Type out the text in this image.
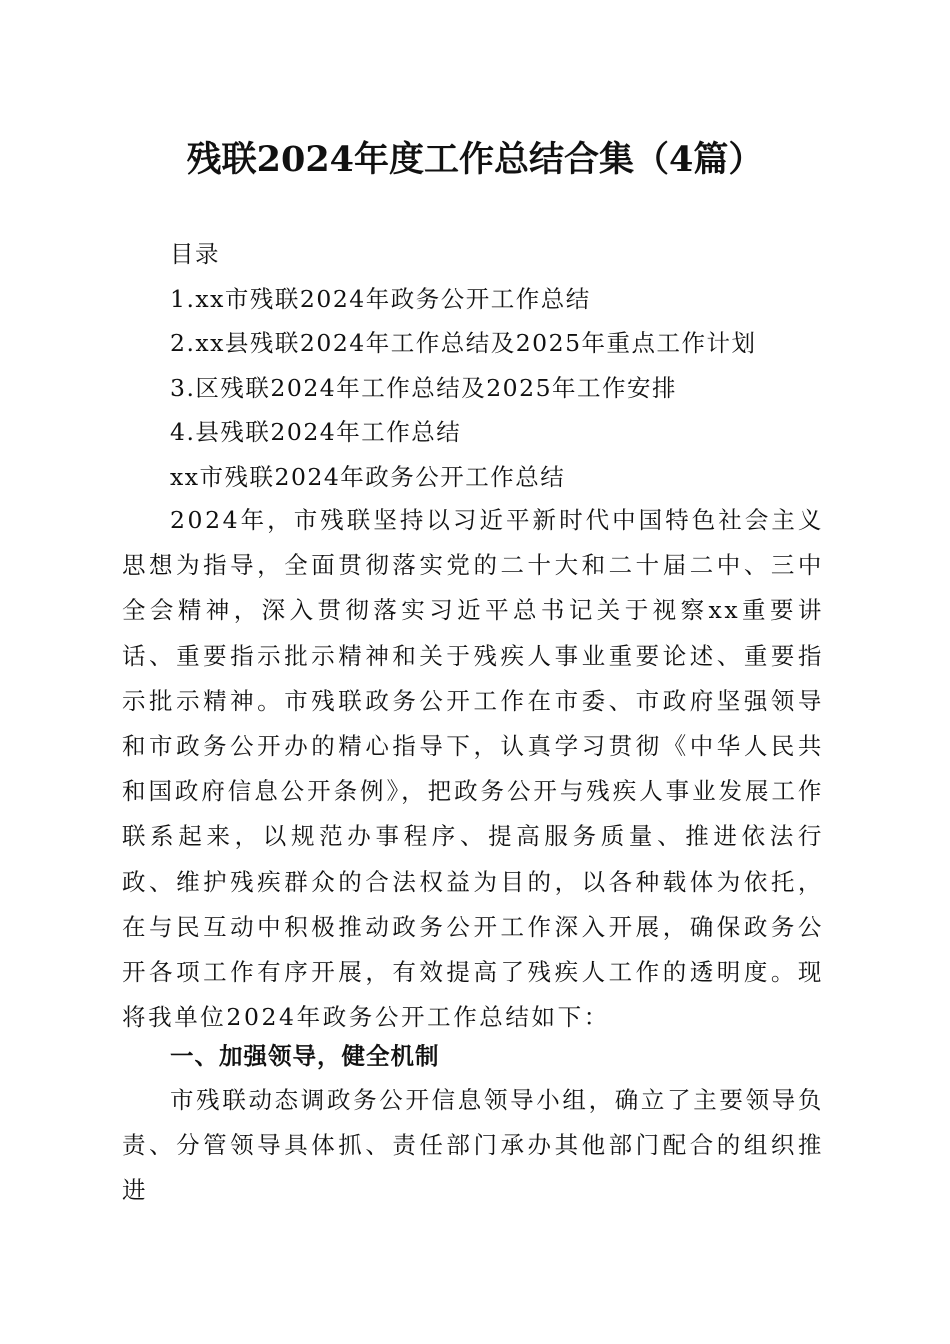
残联2024年度工作总结合集（4篇）
目录
1.xx市残联2024年政务公开工作总结
2.xx县残联2024年工作总结及2025年重点工作计划
3.区残联2024年工作总结及2025年工作安排
4.县残联2024年工作总结
xx市残联2024年政务公开工作总结

2024年，市残联坚持以习近平新时代中国特色社会主义思想为指导，全面贯彻落实党的二十大和二十届二中、三中全会精神，深入贯彻落实习近平总书记关于视察xx重要讲话、重要指示批示精神和关于残疾人事业重要论述、重要指示批示精神。市残联政务公开工作在市委、市政府坚强领导和市政务公开办的精心指导下，认真学习贯彻《中华人民共和国政府信息公开条例》，把政务公开与残疾人事业发展工作联系起来，以规范办事程序、提高服务质量、推进依法行政、维护残疾群众的合法权益为目的，以各种载体为依托，在与民互动中积极推动政务公开工作深入开展，确保政务公开各项工作有序开展，有效提高了残疾人工作的透明度。现将我单位2024年政务公开工作总结如下：

一、加强领导，健全机制

市残联动态调政务公开信息领导小组，确立了主要领导负责、分管领导具体抓、责任部门承办其他部门配合的组织推进
